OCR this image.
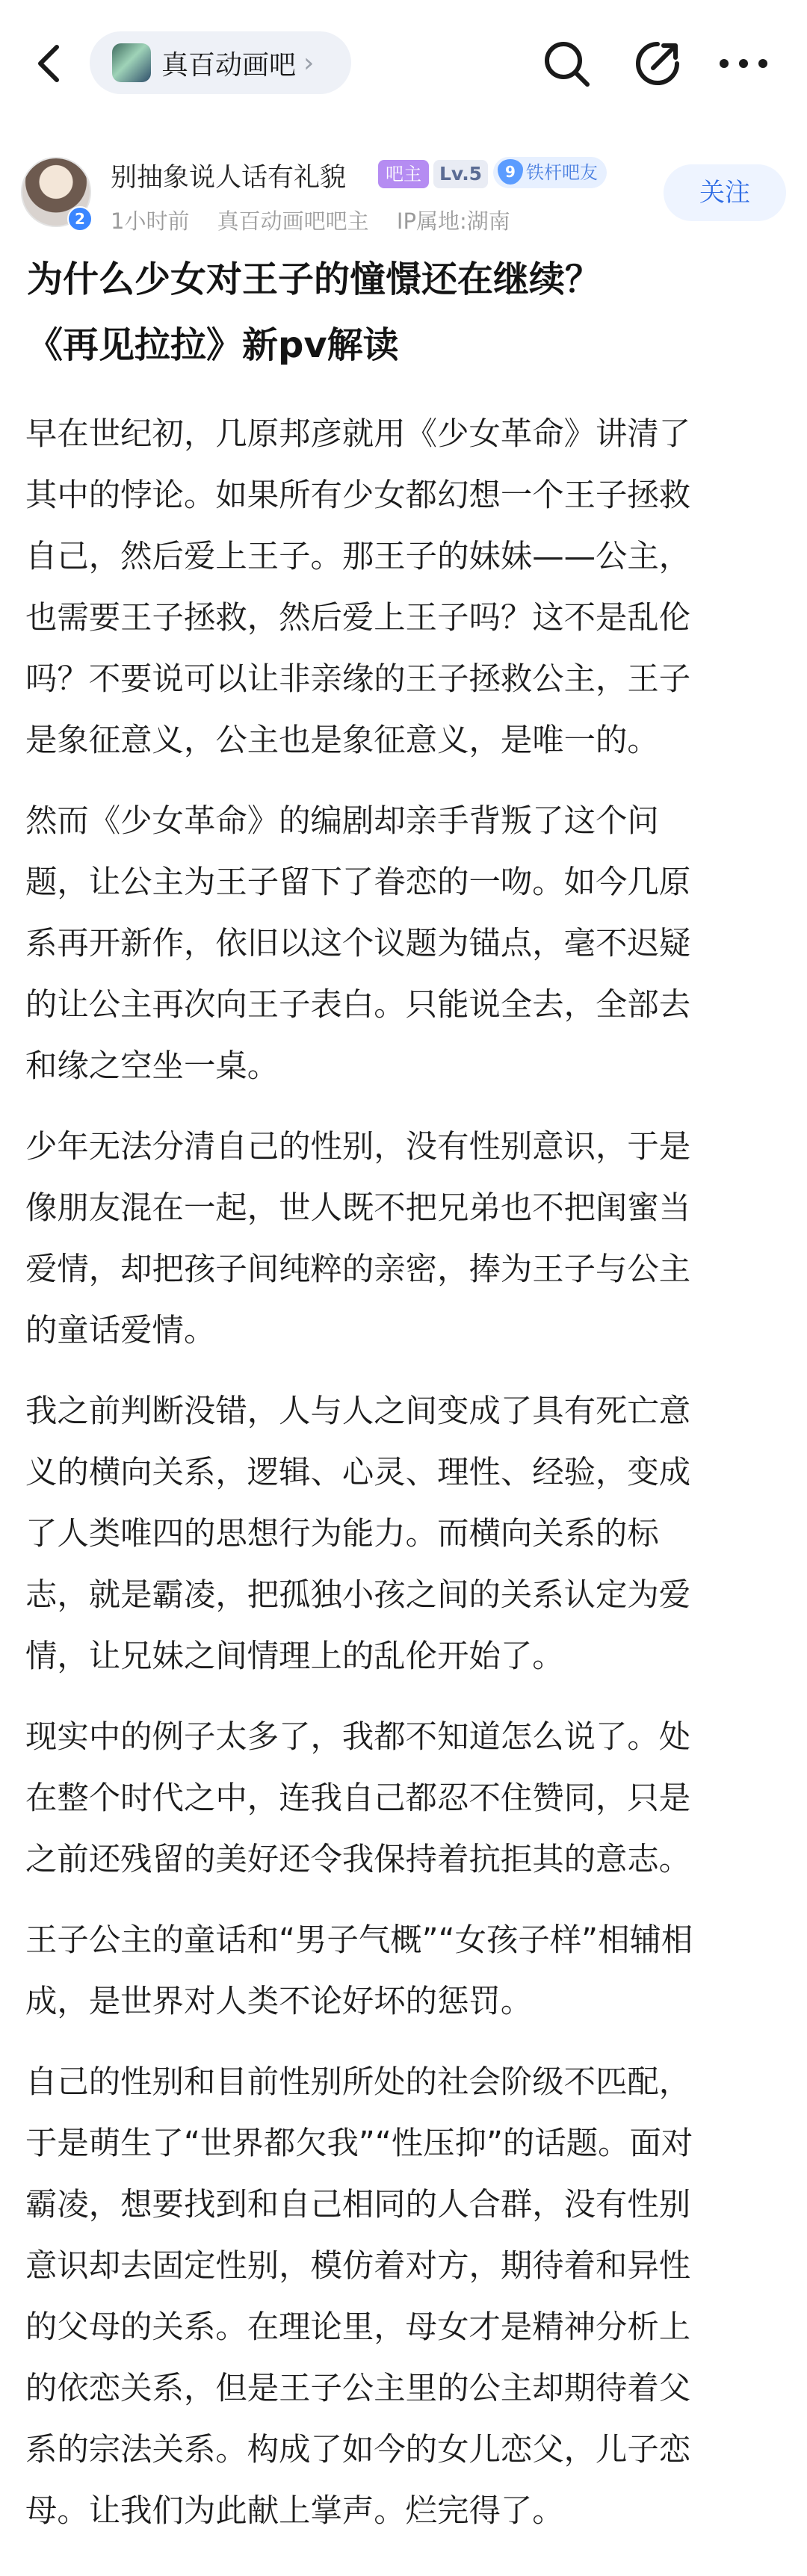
真百动画吧 ›
2
别抽象说人话有礼貌	吧主 Lv.5	9 铁杆吧友
1小时前 真百动画吧吧主 IP属地:湖南
关注
为什么少女对王子的憧憬还在继续？
《再见拉拉》新pv解读

早在世纪初，几原邦彦就用《少女革命》讲清了
其中的悖论。如果所有少女都幻想一个王子拯救
自己，然后爱上王子。那王子的妹妹——公主，
也需要王子拯救，然后爱上王子吗？这不是乱伦
吗？不要说可以让非亲缘的王子拯救公主，王子
是象征意义，公主也是象征意义，是唯一的。

然而《少女革命》的编剧却亲手背叛了这个问
题，让公主为王子留下了眷恋的一吻。如今几原
系再开新作，依旧以这个议题为锚点，毫不迟疑
的让公主再次向王子表白。只能说全去，全部去
和缘之空坐一桌。

少年无法分清自己的性别，没有性别意识，于是
像朋友混在一起，世人既不把兄弟也不把闺蜜当
爱情，却把孩子间纯粹的亲密，捧为王子与公主
的童话爱情。

我之前判断没错，人与人之间变成了具有死亡意
义的横向关系，逻辑、心灵、理性、经验，变成
了人类唯四的思想行为能力。而横向关系的标
志，就是霸凌，把孤独小孩之间的关系认定为爱
情，让兄妹之间情理上的乱伦开始了。

现实中的例子太多了，我都不知道怎么说了。处
在整个时代之中，连我自己都忍不住赞同，只是
之前还残留的美好还令我保持着抗拒其的意志。

王子公主的童话和“男子气概”“女孩子样”相辅相
成，是世界对人类不论好坏的惩罚。

自己的性别和目前性别所处的社会阶级不匹配，
于是萌生了“世界都欠我”“性压抑”的话题。面对
霸凌，想要找到和自己相同的人合群，没有性别
意识却去固定性别，模仿着对方，期待着和异性
的父母的关系。在理论里，母女才是精神分析上
的依恋关系，但是王子公主里的公主却期待着父
系的宗法关系。构成了如今的女儿恋父，儿子恋
母。让我们为此献上掌声。烂完得了。
